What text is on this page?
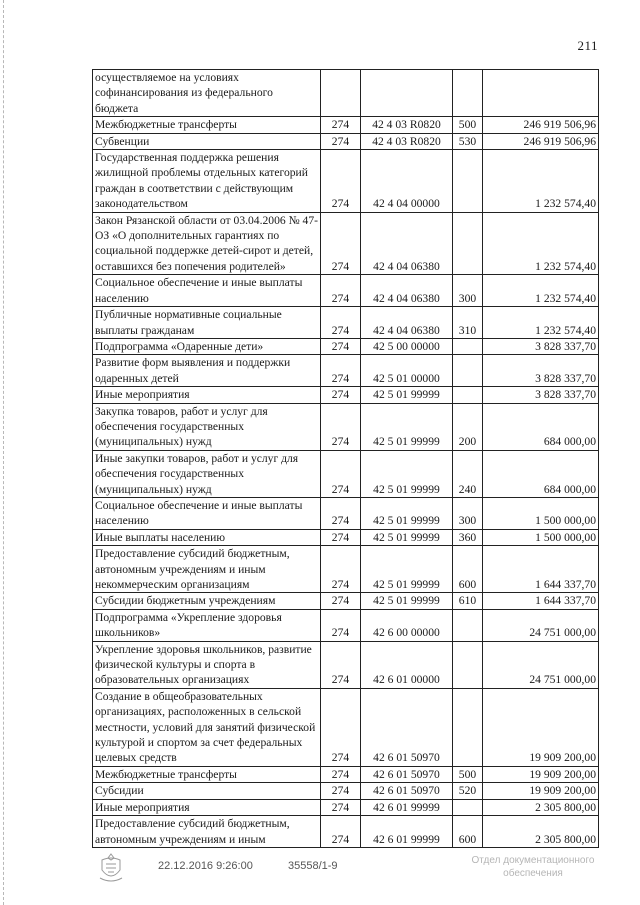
211
осуществляемое на условиях софинансирования из федерального бюджета				
Межбюджетные трансферты	274	42 4 03 R0820	500	246 919 506,96
Субвенции	274	42 4 03 R0820	530	246 919 506,96
Государственная поддержка решения жилищной проблемы отдельных категорий граждан в соответствии с действующим законодательством	274	42 4 04 00000		1 232 574,40
Закон Рязанской области от 03.04.2006 № 47-ОЗ «О дополнительных гарантиях по социальной поддержке детей-сирот и детей, оставшихся без попечения родителей»	274	42 4 04 06380		1 232 574,40
Социальное обеспечение и иные выплаты населению	274	42 4 04 06380	300	1 232 574,40
Публичные нормативные социальные выплаты гражданам	274	42 4 04 06380	310	1 232 574,40
Подпрограмма «Одаренные дети»	274	42 5 00 00000		3 828 337,70
Развитие форм выявления и поддержки одаренных детей	274	42 5 01 00000		3 828 337,70
Иные мероприятия	274	42 5 01 99999		3 828 337,70
Закупка товаров, работ и услуг для обеспечения государственных (муниципальных) нужд	274	42 5 01 99999	200	684 000,00
Иные закупки товаров, работ и услуг для обеспечения государственных (муниципальных) нужд	274	42 5 01 99999	240	684 000,00
Социальное обеспечение и иные выплаты населению	274	42 5 01 99999	300	1 500 000,00
Иные выплаты населению	274	42 5 01 99999	360	1 500 000,00
Предоставление субсидий бюджетным, автономным учреждениям и иным некоммерческим организациям	274	42 5 01 99999	600	1 644 337,70
Субсидии бюджетным учреждениям	274	42 5 01 99999	610	1 644 337,70
Подпрограмма «Укрепление здоровья школьников»	274	42 6 00 00000		24 751 000,00
Укрепление здоровья школьников, развитие физической культуры и спорта в образовательных организациях	274	42 6 01 00000		24 751 000,00
Создание в общеобразовательных организациях, расположенных в сельской местности, условий для занятий физической культурой и спортом за счет федеральных целевых средств	274	42 6 01 50970		19 909 200,00
Межбюджетные трансферты	274	42 6 01 50970	500	19 909 200,00
Субсидии	274	42 6 01 50970	520	19 909 200,00
Иные мероприятия	274	42 6 01 99999		2 305 800,00
Предоставление субсидий бюджетным, автономным учреждениям и иным	274	42 6 01 99999	600	2 305 800,00
22.12.2016 9:26:00	35558/1-9	Отдел документационного
обеспечения
